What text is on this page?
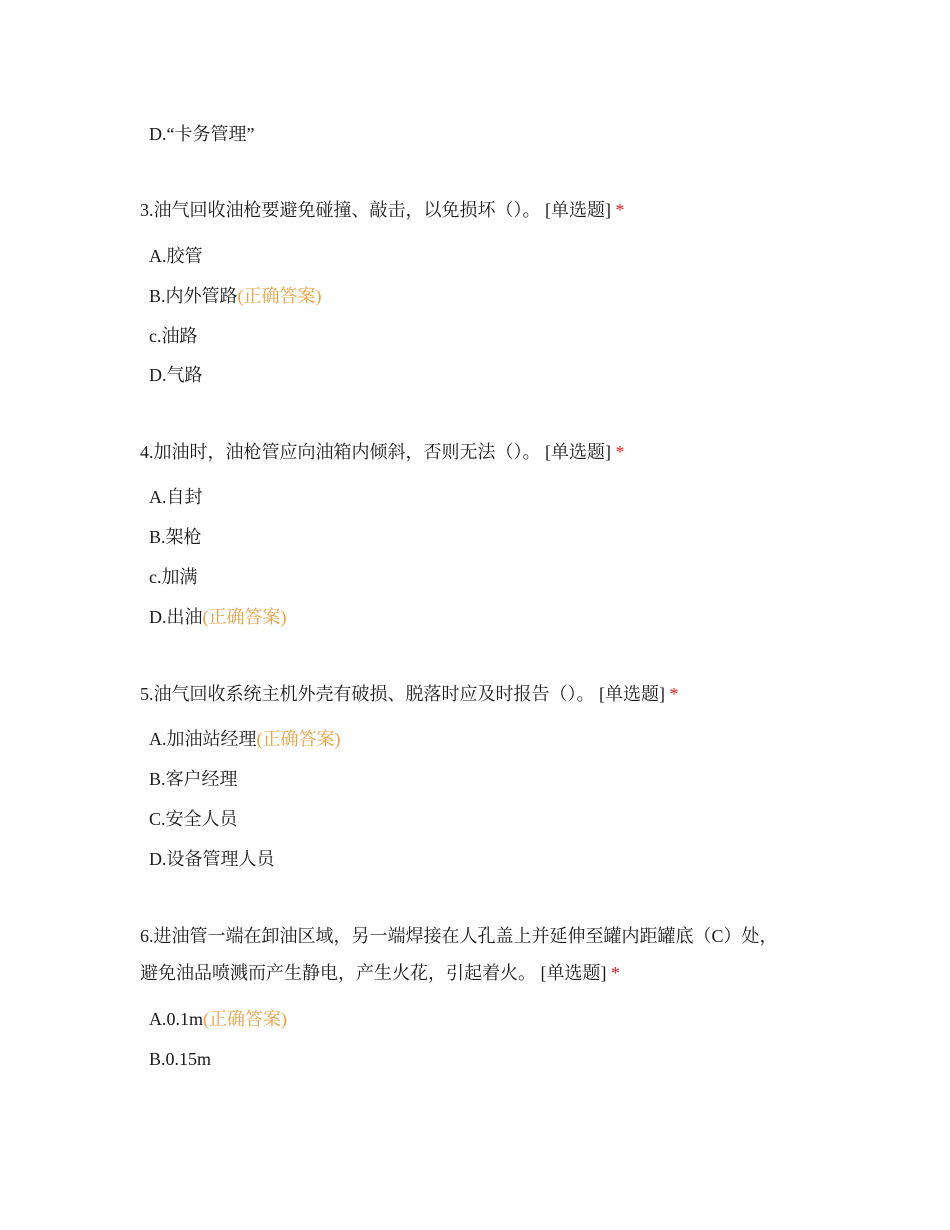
D.“卡务管理”
3.油气回收油枪要避免碰撞、敲击，以免损坏（）。 [单选题] *
A.胶管
B.内外管路(正确答案)
c.油路
D.气路
4.加油时，油枪管应向油箱内倾斜，否则无法（）。 [单选题] *
A.自封
B.架枪
c.加满
D.出油(正确答案)
5.油气回收系统主机外壳有破损、脱落时应及时报告（）。 [单选题] *
A.加油站经理(正确答案)
B.客户经理
C.安全人员
D.设备管理人员
6.进油管一端在卸油区域，另一端焊接在人孔盖上并延伸至罐内距罐底（C）处，
避免油品喷溅而产生静电，产生火花，引起着火。 [单选题] *
A.0.1m(正确答案)
B.0.15m
